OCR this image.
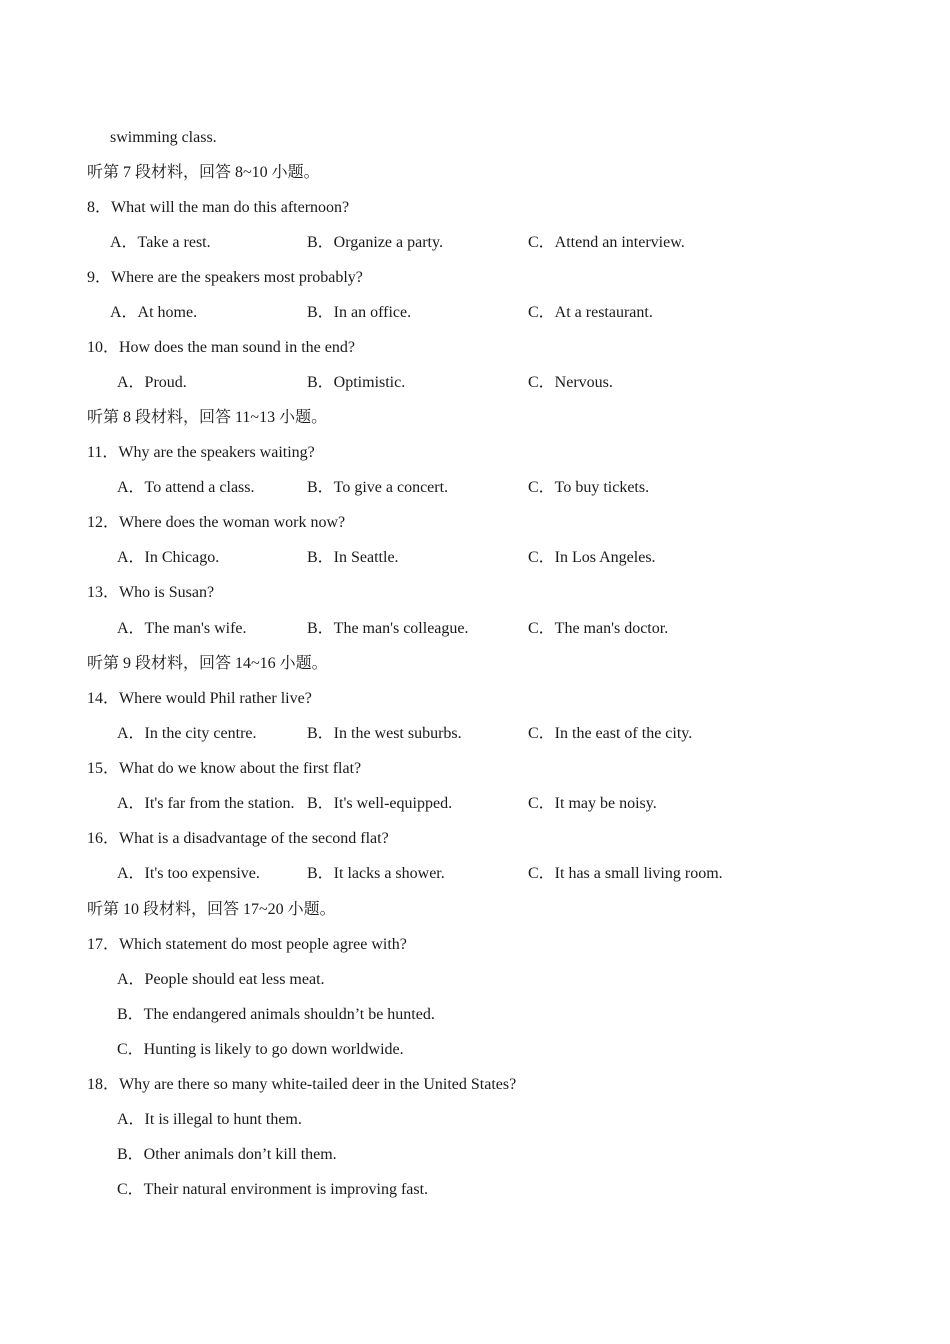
swimming class.
听第 7 段材料，回答 8~10 小题。
8．What will the man do this afternoon?
A．Take a rest.	B．Organize a party.	C．Attend an interview.
9．Where are the speakers most probably?
A．At home.	B．In an office.	C．At a restaurant.
10．How does the man sound in the end?
A．Proud.	B．Optimistic.	C．Nervous.
听第 8 段材料，回答 11~13 小题。
11．Why are the speakers waiting?
A．To attend a class.	B．To give a concert.	C．To buy tickets.
12．Where does the woman work now?
A．In Chicago.	B．In Seattle.	C．In Los Angeles.
13．Who is Susan?
A．The man's wife.	B．The man's colleague.	C．The man's doctor.
听第 9 段材料，回答 14~16 小题。
14．Where would Phil rather live?
A．In the city centre.	B．In the west suburbs.	C．In the east of the city.
15．What do we know about the first flat?
A．It's far from the station. B．It's well-equipped.	C．It may be noisy.
16．What is a disadvantage of the second flat?
A．It's too expensive.	B．It lacks a shower.	C．It has a small living room.
听第 10 段材料，回答 17~20 小题。
17．Which statement do most people agree with?
A．People should eat less meat.
B．The endangered animals shouldn’t be hunted.
C．Hunting is likely to go down worldwide.
18．Why are there so many white-tailed deer in the United States?
A．It is illegal to hunt them.
B．Other animals don’t kill them.
C．Their natural environment is improving fast.
